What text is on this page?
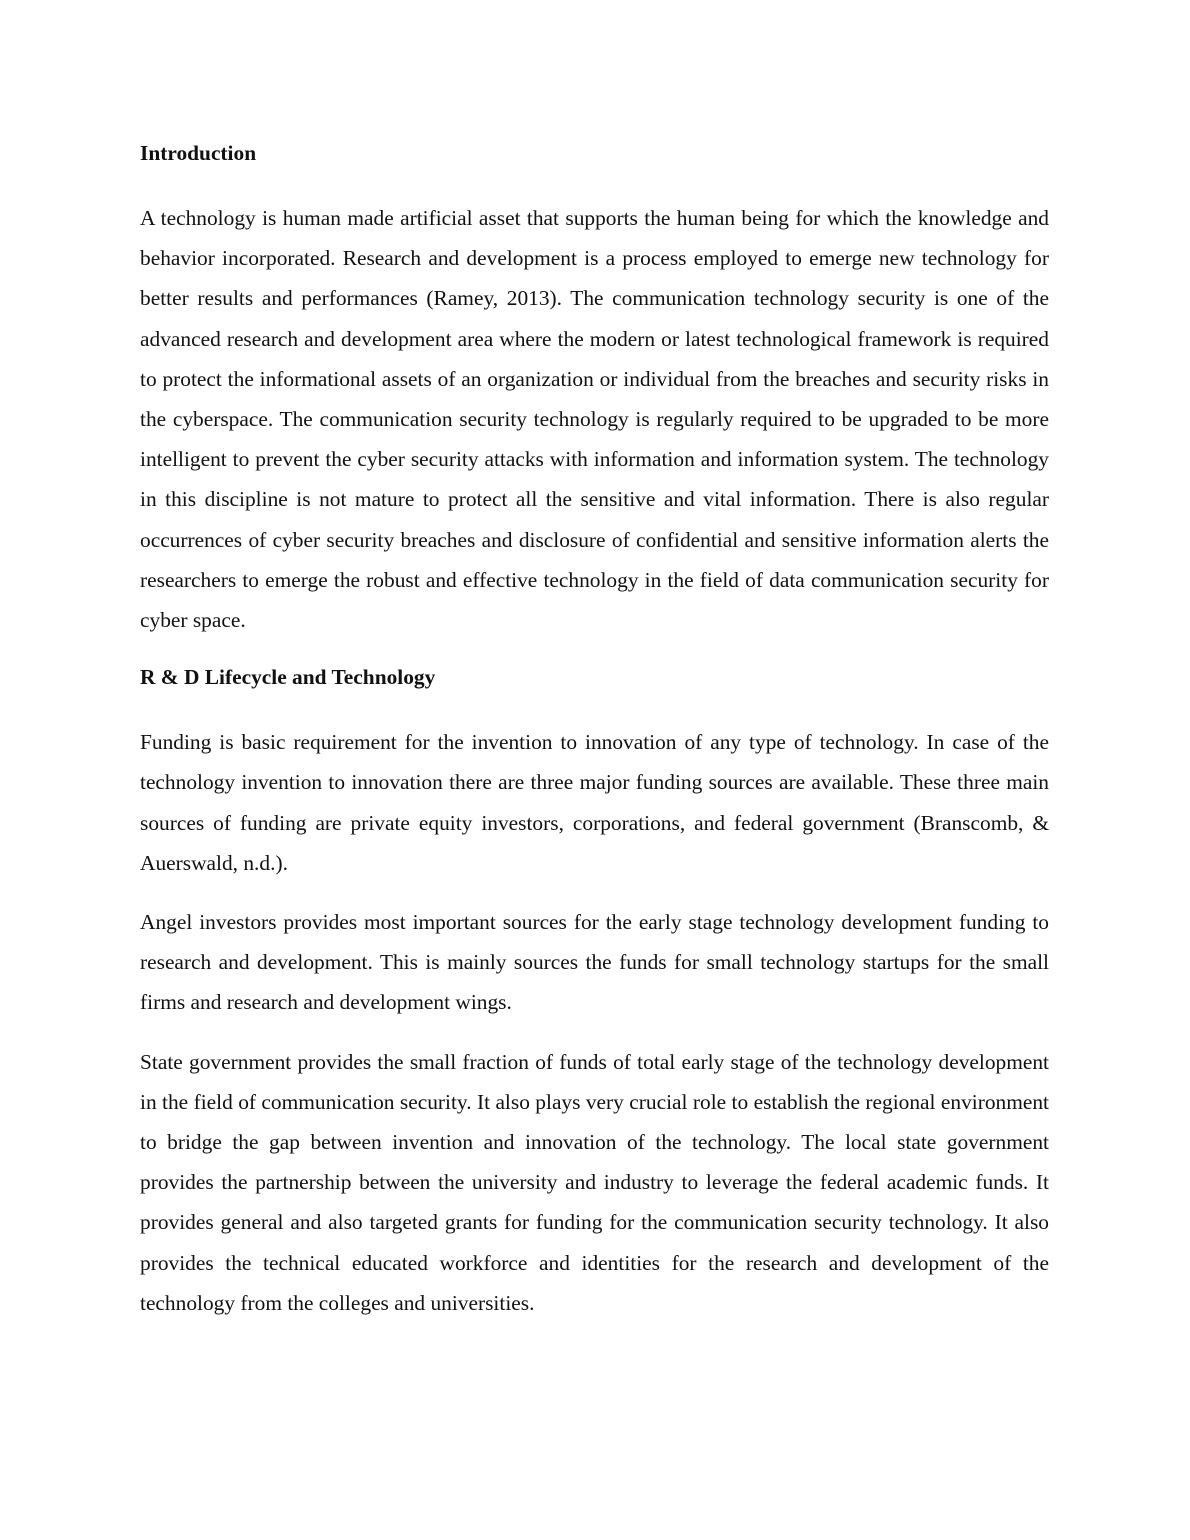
Introduction

A technology is human made artificial asset that supports the human being for which the knowledge and behavior incorporated. Research and development is a process employed to emerge new technology for better results and performances (Ramey, 2013). The communication technology security is one of the advanced research and development area where the modern or latest technological framework is required to protect the informational assets of an organization or individual from the breaches and security risks in the cyberspace. The communication security technology is regularly required to be upgraded to be more intelligent to prevent the cyber security attacks with information and information system. The technology in this discipline is not mature to protect all the sensitive and vital information. There is also regular occurrences of cyber security breaches and disclosure of confidential and sensitive information alerts the researchers to emerge the robust and effective technology in the field of data communication security for cyber space.

R & D Lifecycle and Technology

Funding is basic requirement for the invention to innovation of any type of technology. In case of the technology invention to innovation there are three major funding sources are available. These three main sources of funding are private equity investors, corporations, and federal government (Branscomb, & Auerswald, n.d.).

Angel investors provides most important sources for the early stage technology development funding to research and development. This is mainly sources the funds for small technology startups for the small firms and research and development wings.

State government provides the small fraction of funds of total early stage of the technology development in the field of communication security. It also plays very crucial role to establish the regional environment to bridge the gap between invention and innovation of the technology. The local state government provides the partnership between the university and industry to leverage the federal academic funds. It provides general and also targeted grants for funding for the communication security technology. It also provides the technical educated workforce and identities for the research and development of the technology from the colleges and universities.
